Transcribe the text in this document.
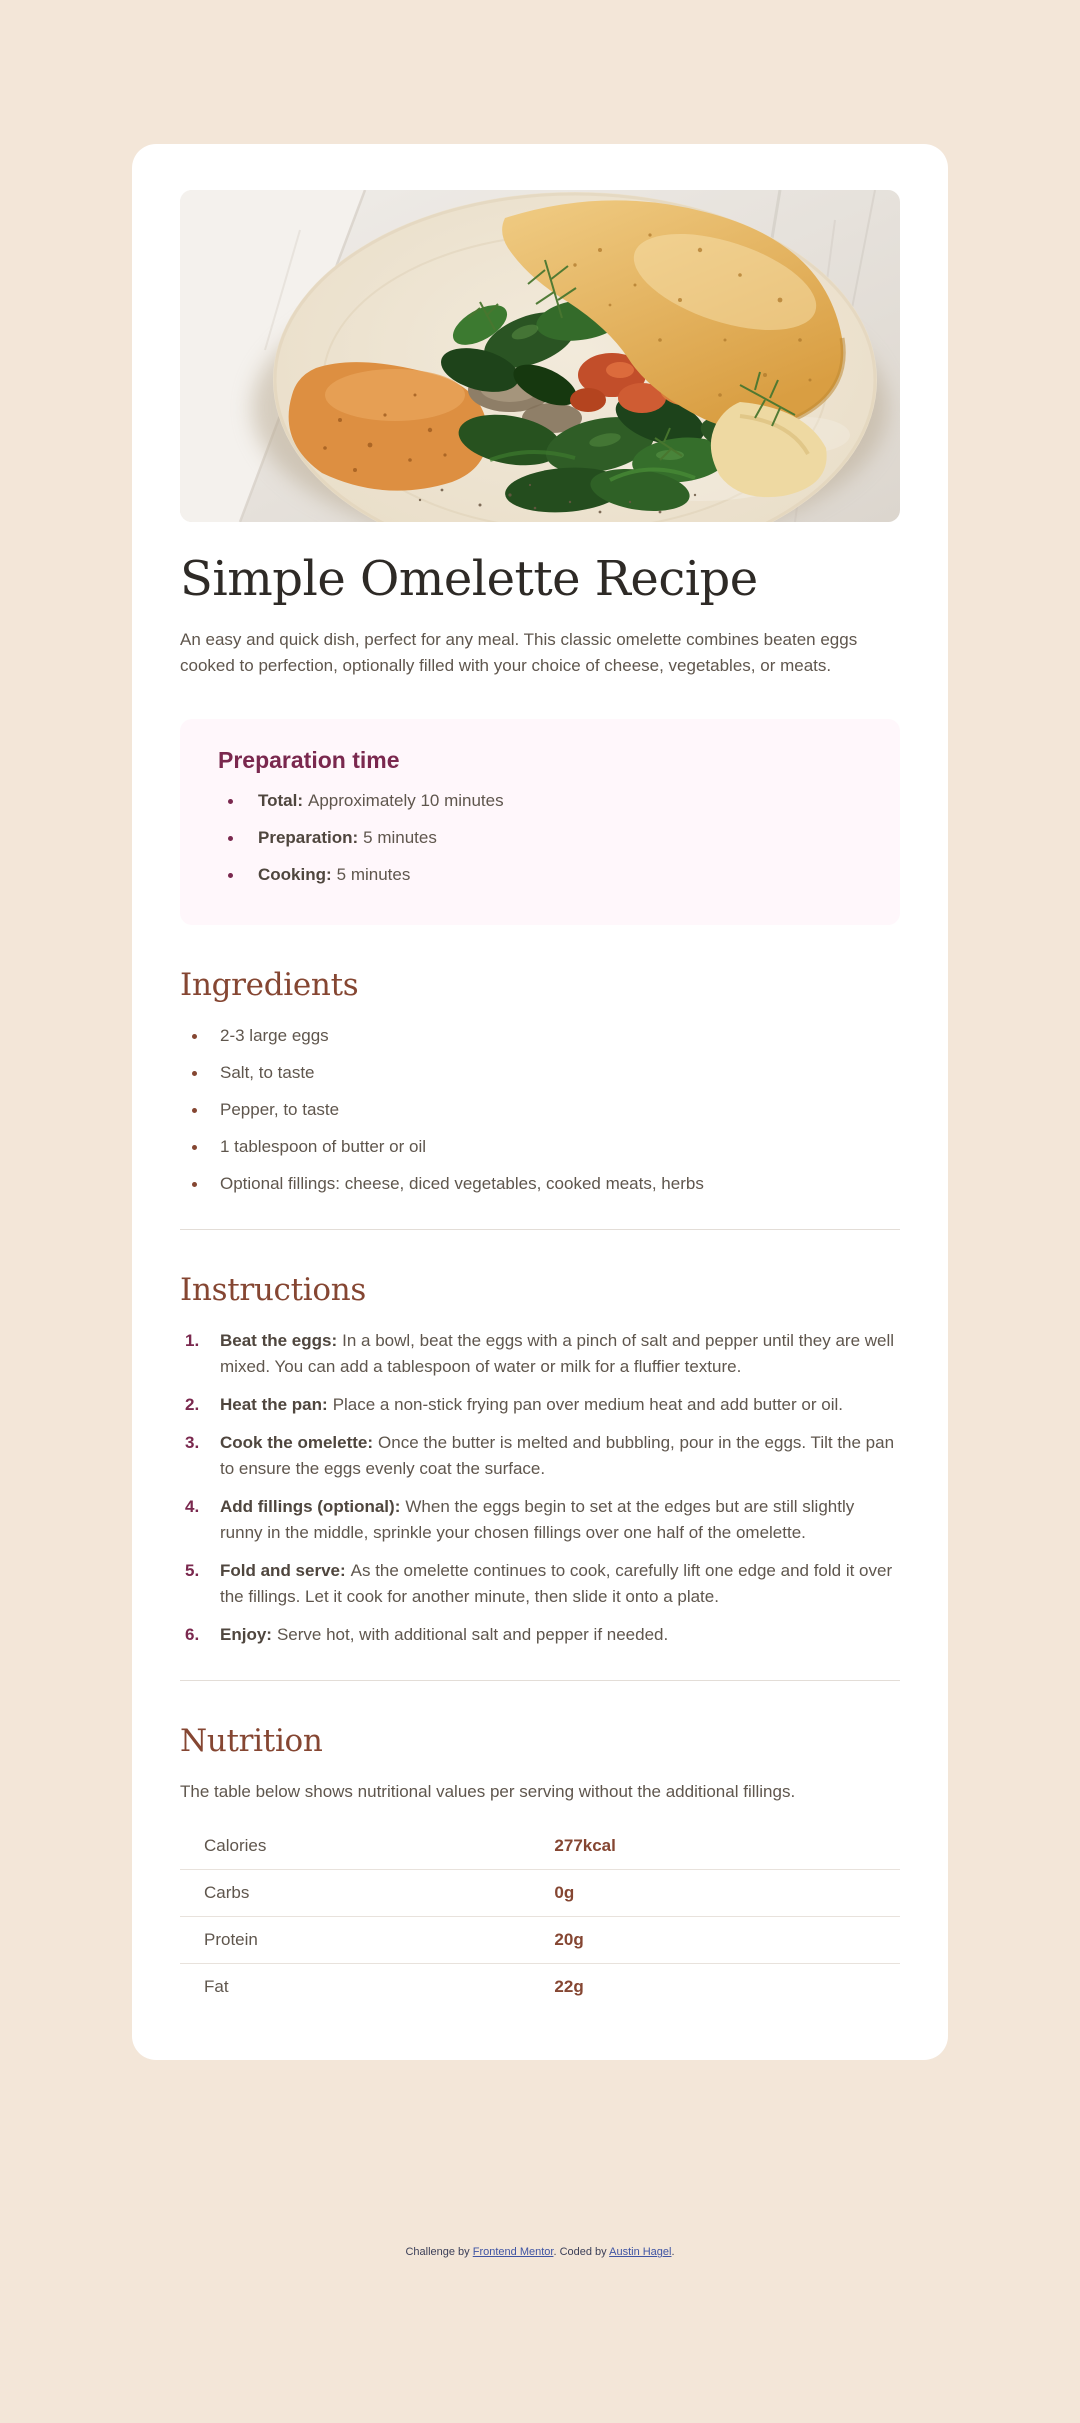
Simple Omelette Recipe

An easy and quick dish, perfect for any meal. This classic omelette combines beaten eggs cooked to perfection, optionally filled with your choice of cheese, vegetables, or meats.

Preparation time
Total: Approximately 10 minutes
Preparation: 5 minutes
Cooking: 5 minutes
Ingredients
2-3 large eggs
Salt, to taste
Pepper, to taste
1 tablespoon of butter or oil
Optional fillings: cheese, diced vegetables, cooked meats, herbs
Instructions
1. Beat the eggs: In a bowl, beat the eggs with a pinch of salt and pepper until they are well mixed. You can add a tablespoon of water or milk for a fluffier texture.
2. Heat the pan: Place a non-stick frying pan over medium heat and add butter or oil.
3. Cook the omelette: Once the butter is melted and bubbling, pour in the eggs. Tilt the pan to ensure the eggs evenly coat the surface.
4. Add fillings (optional): When the eggs begin to set at the edges but are still slightly runny in the middle, sprinkle your chosen fillings over one half of the omelette.
5. Fold and serve: As the omelette continues to cook, carefully lift one edge and fold it over the fillings. Let it cook for another minute, then slide it onto a plate.
6. Enjoy: Serve hot, with additional salt and pepper if needed.
Nutrition

The table below shows nutritional values per serving without the additional fillings.

Calories	277kcal
Carbs	0g
Protein	20g
Fat	22g
Challenge by Frontend Mentor. Coded by Austin Hagel.
